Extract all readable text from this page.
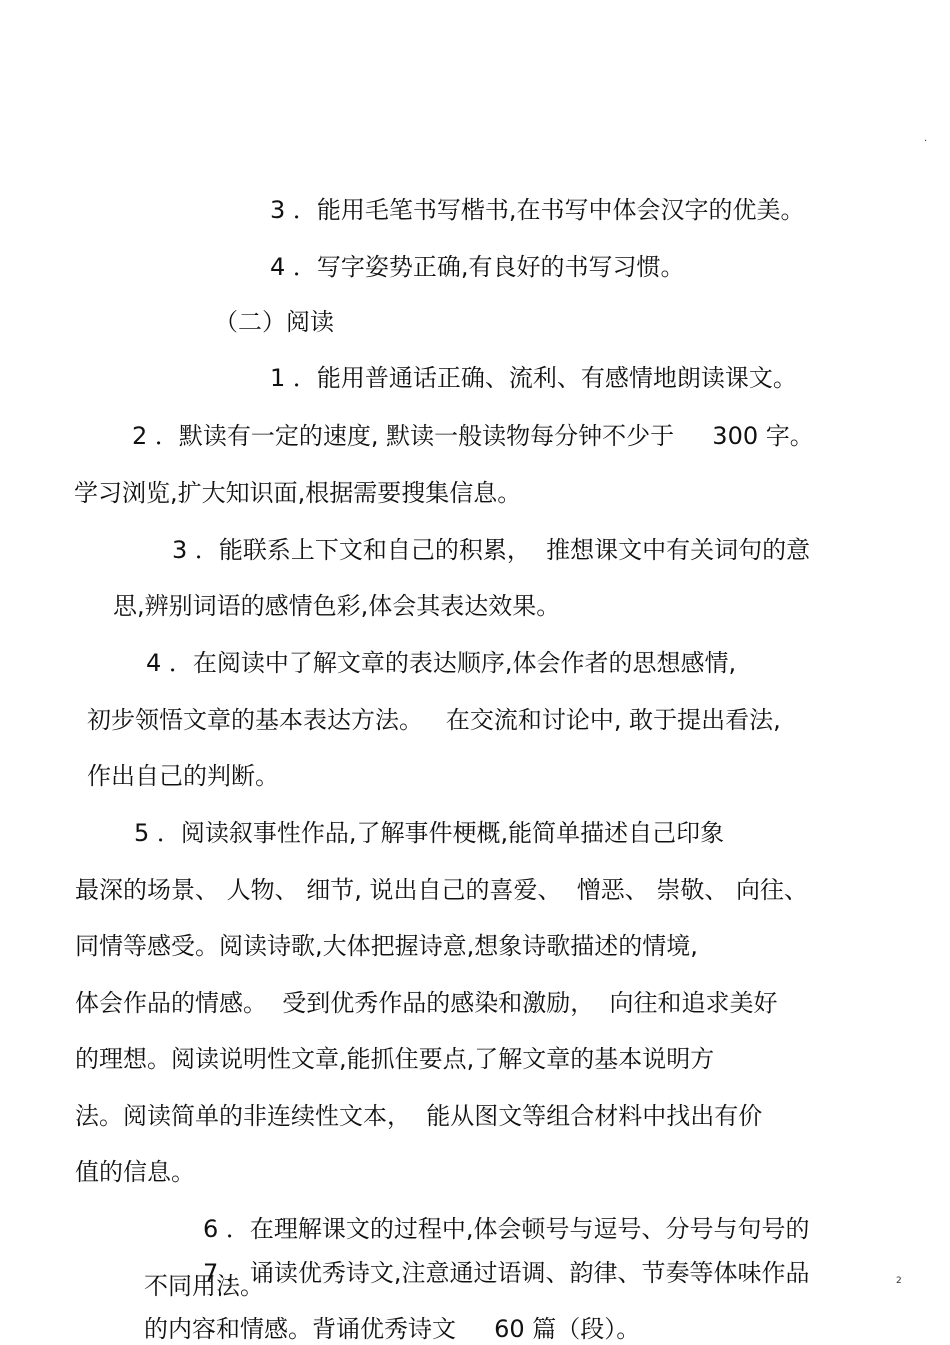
.

3 ．能用毛笔书写楷书,在书写中体会汉字的优美。

4 ．写字姿势正确,有良好的书写习惯。

（二）阅读

1 ．能用普通话正确、流利、有感情地朗读课文。

2 ．默读有一定的速度, 默读一般读物每分钟不少于     300 字。

学习浏览,扩大知识面,根据需要搜集信息。

3 ．能联系上下文和自己的积累，  推想课文中有关词句的意

思,辨别词语的感情色彩,体会其表达效果。

4 ．在阅读中了解文章的表达顺序,体会作者的思想感情,

初步领悟文章的基本表达方法。   在交流和讨论中, 敢于提出看法,

作出自己的判断。

5 ．阅读叙事性作品,了解事件梗概,能简单描述自己印象

最深的场景、 人物、 细节, 说出自己的喜爱、  憎恶、 崇敬、 向往、

同情等感受。阅读诗歌,大体把握诗意,想象诗歌描述的情境,

体会作品的情感。  受到优秀作品的感染和激励，  向往和追求美好

的理想。阅读说明性文章,能抓住要点,了解文章的基本说明方

法。阅读简单的非连续性文本，  能从图文等组合材料中找出有价

值的信息。

6 ．在理解课文的过程中,体会顿号与逗号、分号与句号的

不同用法。

7 ．诵读优秀诗文,注意通过语调、韵律、节奏等体味作品

的内容和情感。背诵优秀诗文     60 篇（段）。

2
